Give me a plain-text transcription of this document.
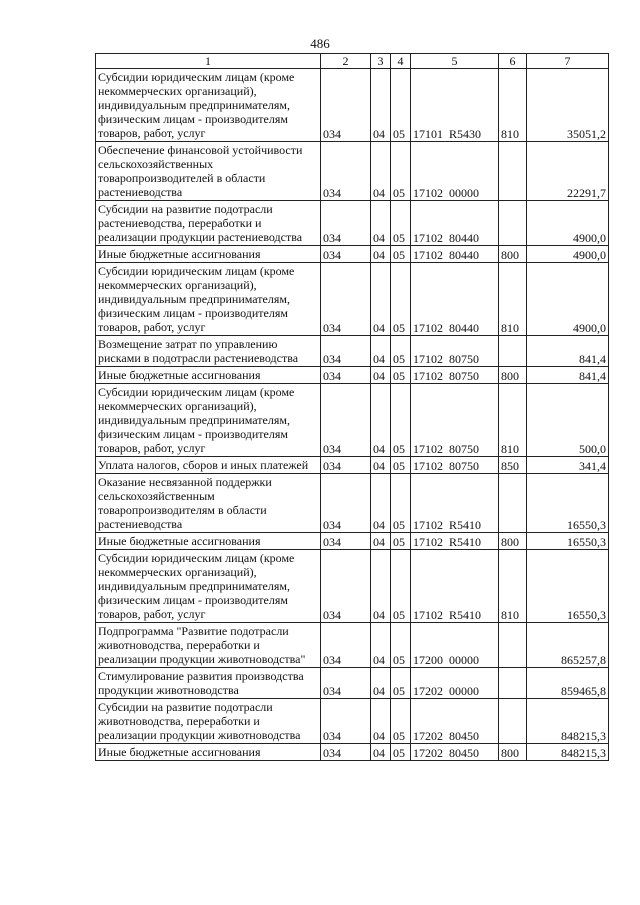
486
1	2	3	4	5	6	7
Субсидии юридическим лицам (кроме некоммерческих организаций), индивидуальным предпринимателям, физическим лицам - производителям товаров, работ, услуг	034	04	05	17101  R5430	810	35051,2
Обеспечение финансовой устойчивости сельскохозяйственных товаропроизводителей в области растениеводства	034	04	05	17102  00000		22291,7
Субсидии на развитие подотрасли растениеводства, переработки и реализации продукции растениеводства	034	04	05	17102  80440		4900,0
Иные бюджетные ассигнования	034	04	05	17102  80440	800	4900,0
Субсидии юридическим лицам (кроме некоммерческих организаций), индивидуальным предпринимателям, физическим лицам - производителям товаров, работ, услуг	034	04	05	17102  80440	810	4900,0
Возмещение затрат по управлению рисками в подотрасли растениеводства	034	04	05	17102  80750		841,4
Иные бюджетные ассигнования	034	04	05	17102  80750	800	841,4
Субсидии юридическим лицам (кроме некоммерческих организаций), индивидуальным предпринимателям, физическим лицам - производителям товаров, работ, услуг	034	04	05	17102  80750	810	500,0
Уплата налогов, сборов и иных платежей	034	04	05	17102  80750	850	341,4
Оказание несвязанной поддержки сельскохозяйственным товаропроизводителям в области растениеводства	034	04	05	17102  R5410		16550,3
Иные бюджетные ассигнования	034	04	05	17102  R5410	800	16550,3
Субсидии юридическим лицам (кроме некоммерческих организаций), индивидуальным предпринимателям, физическим лицам - производителям товаров, работ, услуг	034	04	05	17102  R5410	810	16550,3
Подпрограмма "Развитие подотрасли животноводства, переработки и реализации продукции животноводства"	034	04	05	17200  00000		865257,8
Стимулирование развития производства продукции животноводства	034	04	05	17202  00000		859465,8
Субсидии на развитие подотрасли животноводства, переработки и реализации продукции животноводства	034	04	05	17202  80450		848215,3
Иные бюджетные ассигнования	034	04	05	17202  80450	800	848215,3
